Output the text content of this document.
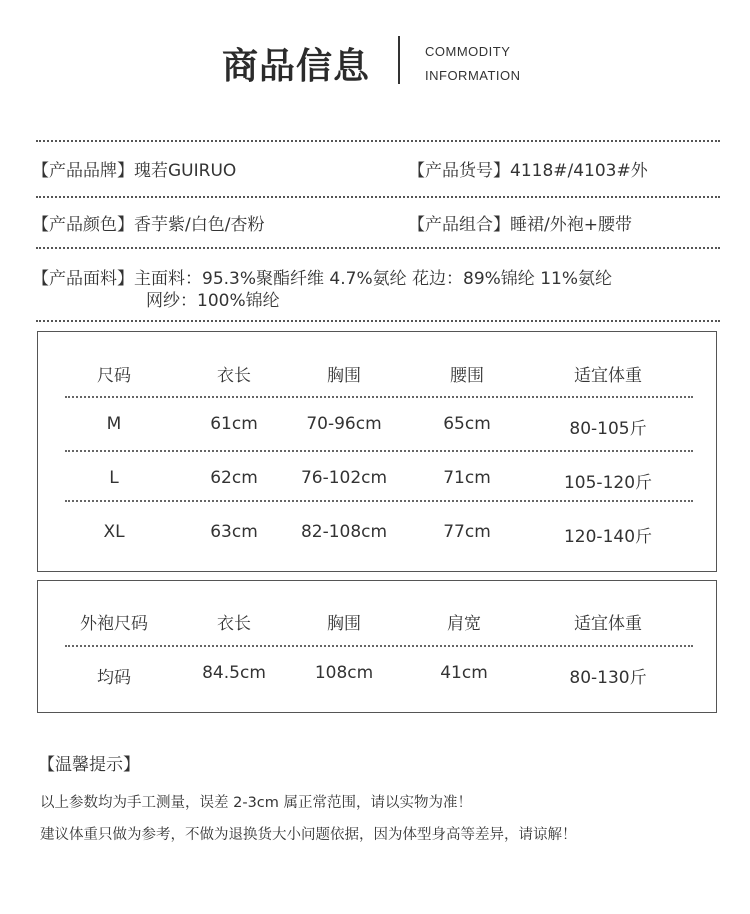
商品信息	COMMODITY
INFORMATION
【产品品牌】瑰若GUIRUO	【产品货号】4118#/4103#外
【产品颜色】香芋紫/白色/杏粉	【产品组合】睡裙/外袍+腰带
【产品面料】主面料：95.3%聚酯纤维 4.7%氨纶 花边：89%锦纶 11%氨纶
网纱：100%锦纶
尺码	衣长	胸围	腰围	适宜体重
M	61cm	70-96cm	65cm	80-105斤
L	62cm	76-102cm	71cm	105-120斤
XL	63cm	82-108cm	77cm	120-140斤
外袍尺码	衣长	胸围	肩宽	适宜体重
均码	84.5cm	108cm	41cm	80-130斤
【温馨提示】
以上参数均为手工测量，误差 2-3cm 属正常范围，请以实物为准！
建议体重只做为参考，不做为退换货大小问题依据，因为体型身高等差异，请谅解！
